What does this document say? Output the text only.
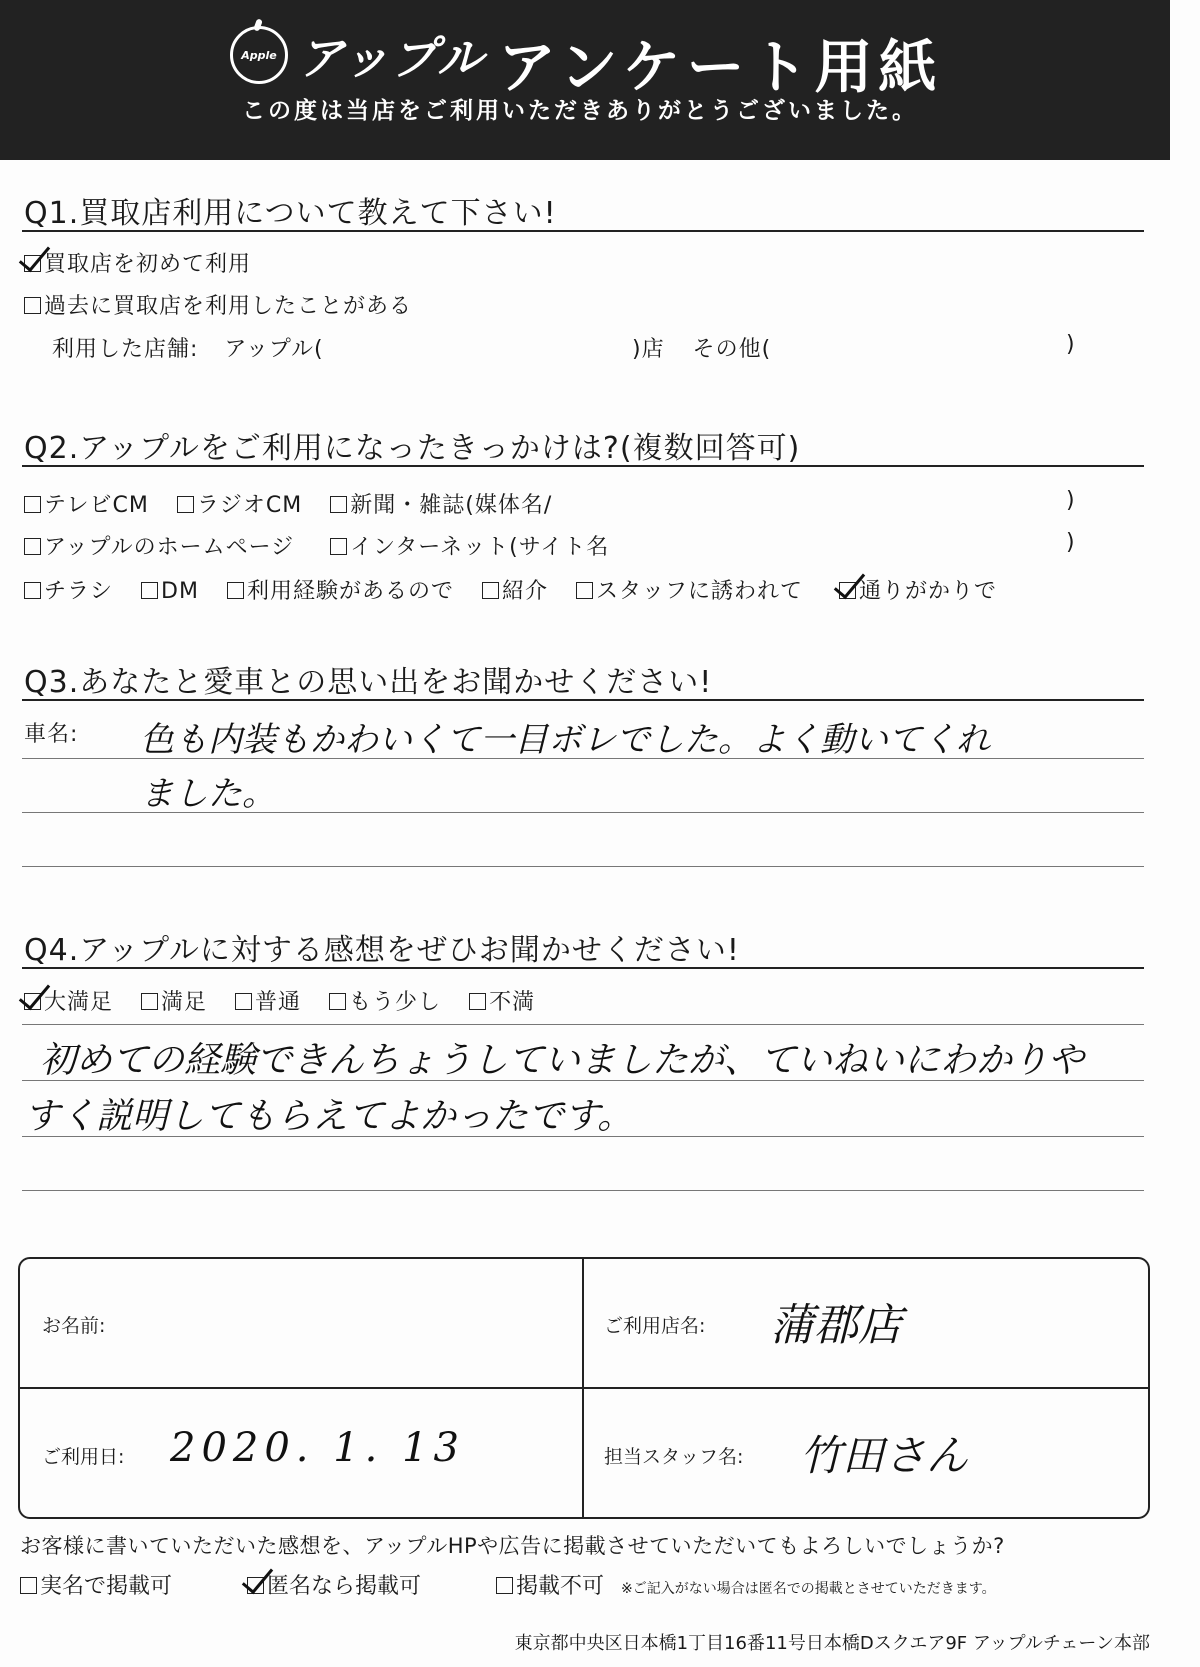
Apple アップル アンケート用紙
この度は当店をご利用いただきありがとうございました。
Q1.買取店利用について教えて下さい!
買取店を初めて利用
過去に買取店を利用したことがある
利用した店舗: アップル(	)店 その他(	)
Q2.アップルをご利用になったきっかけは?(複数回答可)
テレビCM ラジオCM 新聞・雑誌(媒体名/	)
アップルのホームページ	インターネット(サイト名	)
チラシ DM 利用経験があるので 紹介 スタッフに誘われて	通りがかりで
Q3.あなたと愛車との思い出をお聞かせください!
車名: 色も内装もかわいくて一目ボレでした。よく動いてくれ
ました。
Q4.アップルに対する感想をぜひお聞かせください!
大満足 満足 普通 もう少し 不満
初めての経験できんちょうしていましたが、ていねいにわかりや
すく説明してもらえてよかったです。
お名前:	ご利用店名: 蒲郡店
ご利用日: 2020. 1. 13	担当スタッフ名: 竹田さん
お客様に書いていただいた感想を、アップルHPや広告に掲載させていただいてもよろしいでしょうか?
実名で掲載可	匿名なら掲載可	掲載不可 ※ご記入がない場合は匿名での掲載とさせていただきます。
東京都中央区日本橋1丁目16番11号日本橋Dスクエア9F アップルチェーン本部
